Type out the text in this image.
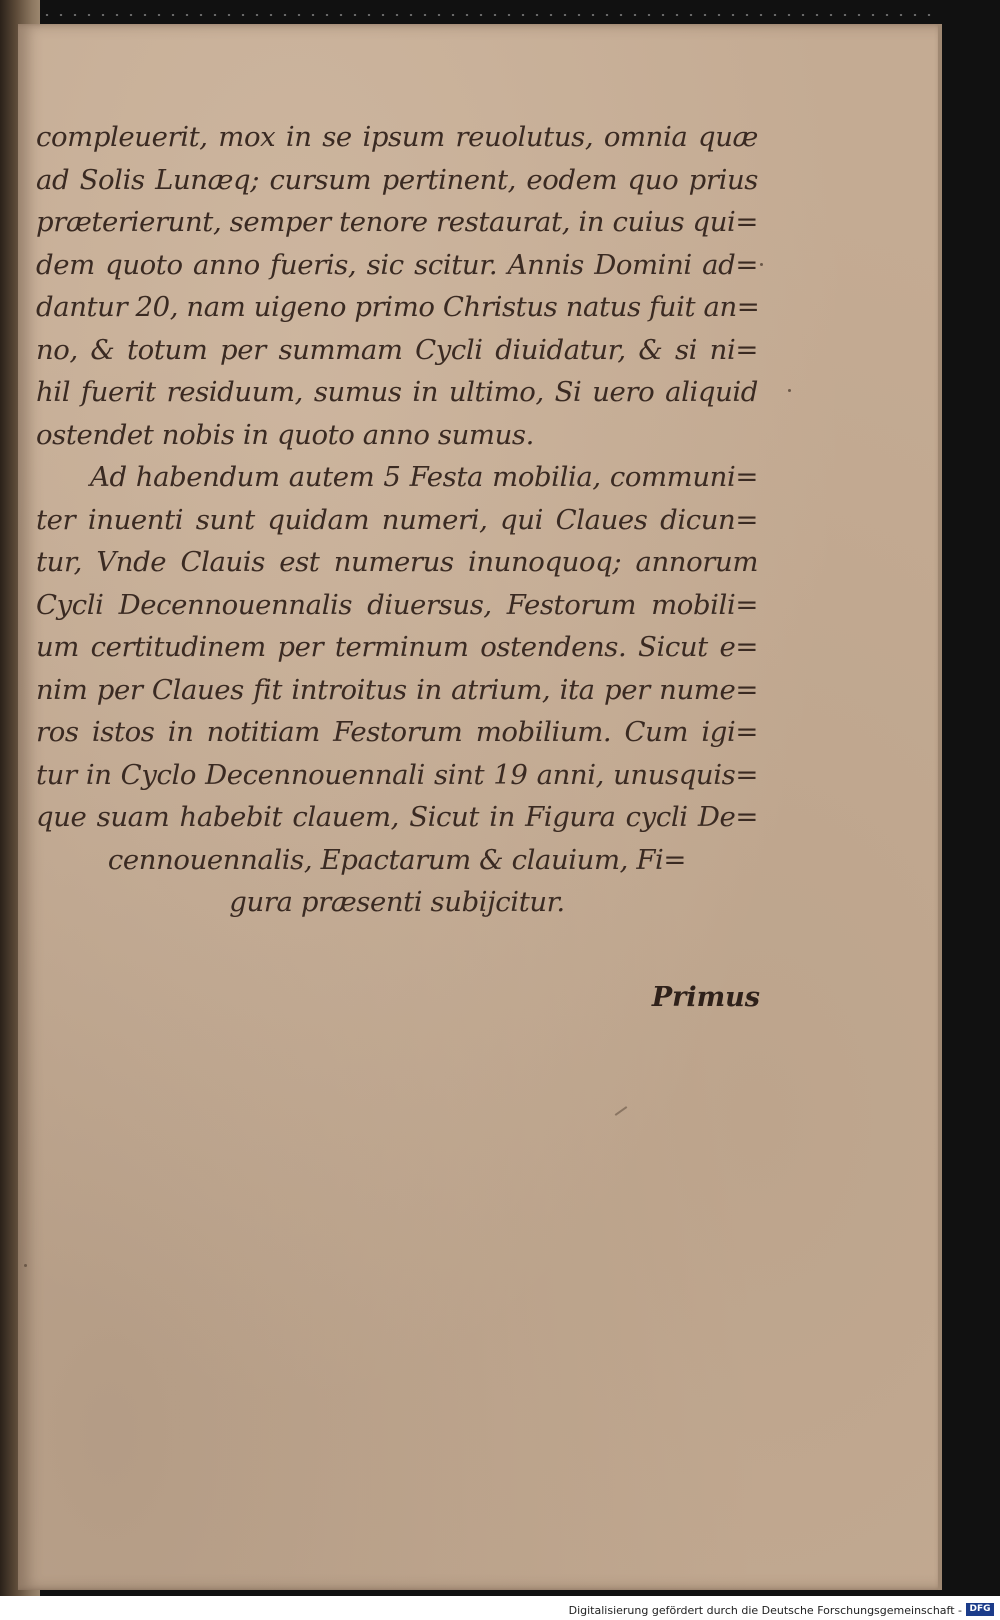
compleuerit, mox in se ipsum reuolutus, omnia quæ
ad Solis Lunæq; cursum pertinent, eodem quo prius
præterierunt, semper tenore restaurat, in cuius qui=
dem quoto anno fueris, sic scitur. Annis Domini ad=
dantur 20, nam uigeno primo Christus natus fuit an=
no, & totum per summam Cycli diuidatur, & si ni=
hil fuerit residuum, sumus in ultimo, Si uero aliquid
ostendet nobis in quoto anno sumus.
Ad habendum autem 5 Festa mobilia, communi=
ter inuenti sunt quidam numeri, qui Claues dicun=
tur, Vnde Clauis est numerus inunoquoq; annorum
Cycli Decennouennalis diuersus, Festorum mobili=
um certitudinem per terminum ostendens. Sicut e=
nim per Claues fit introitus in atrium, ita per nume=
ros istos in notitiam Festorum mobilium. Cum igi=
tur in Cyclo Decennouennali sint 19 anni, unusquis=
que suam habebit clauem, Sicut in Figura cycli De=
cennouennalis, Epactarum & clauium, Fi=
gura præsenti subijcitur.
Primus
Digitalisierung gefördert durch die Deutsche Forschungsgemeinschaft - DFG
